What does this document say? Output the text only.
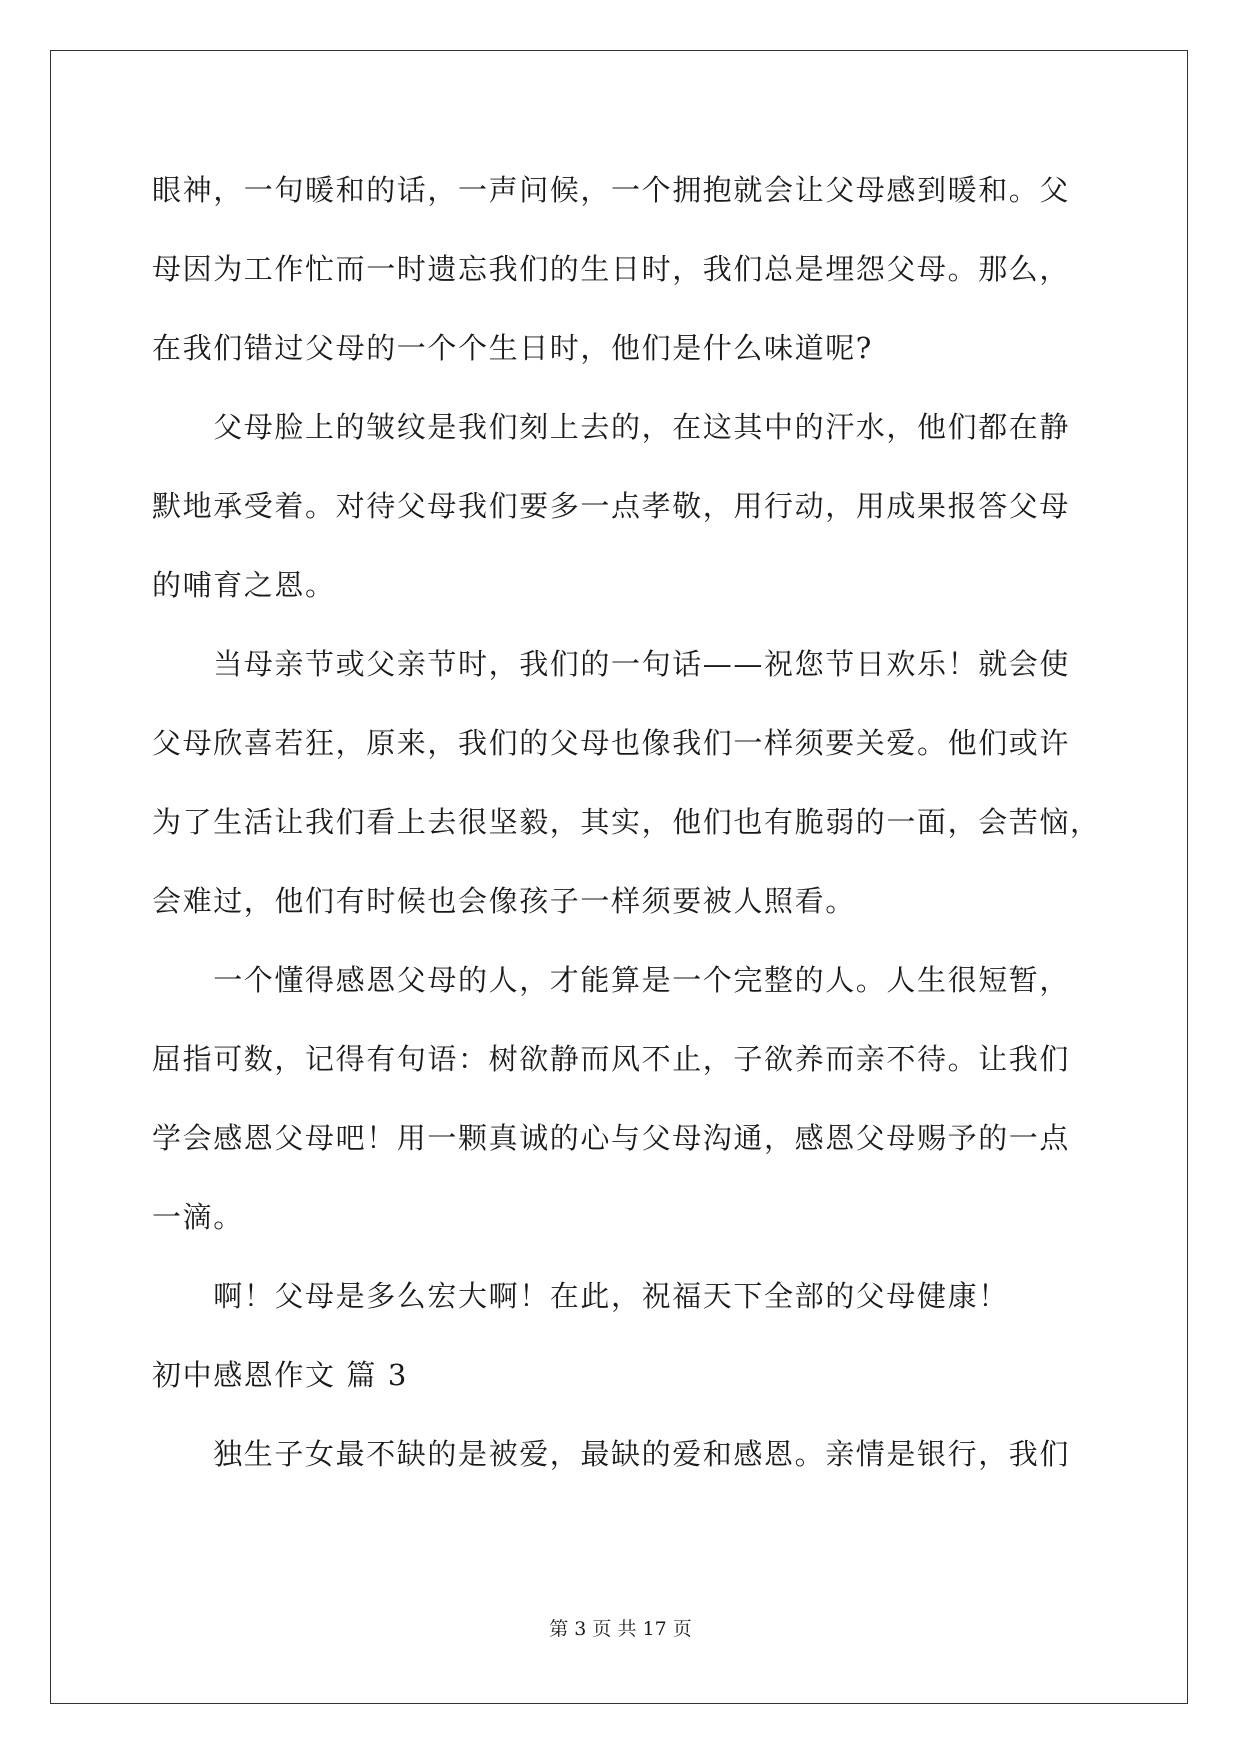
眼神，一句暖和的话，一声问候，一个拥抱就会让父母感到暖和。父
母因为工作忙而一时遗忘我们的生日时，我们总是埋怨父母。那么，
在我们错过父母的一个个生日时，他们是什么味道呢?
　　父母脸上的皱纹是我们刻上去的，在这其中的汗水，他们都在静
默地承受着。对待父母我们要多一点孝敬，用行动，用成果报答父母
的哺育之恩。
　　当母亲节或父亲节时，我们的一句话——祝您节日欢乐！就会使
父母欣喜若狂，原来，我们的父母也像我们一样须要关爱。他们或许
为了生活让我们看上去很坚毅，其实，他们也有脆弱的一面，会苦恼，
会难过，他们有时候也会像孩子一样须要被人照看。
　　一个懂得感恩父母的人，才能算是一个完整的人。人生很短暂，
屈指可数，记得有句语：树欲静而风不止，子欲养而亲不待。让我们
学会感恩父母吧！用一颗真诚的心与父母沟通，感恩父母赐予的一点
一滴。
　　啊！父母是多么宏大啊！在此，祝福天下全部的父母健康！
初中感恩作文 篇 3
　　独生子女最不缺的是被爱，最缺的爱和感恩。亲情是银行，我们
第 3 页 共 17 页
